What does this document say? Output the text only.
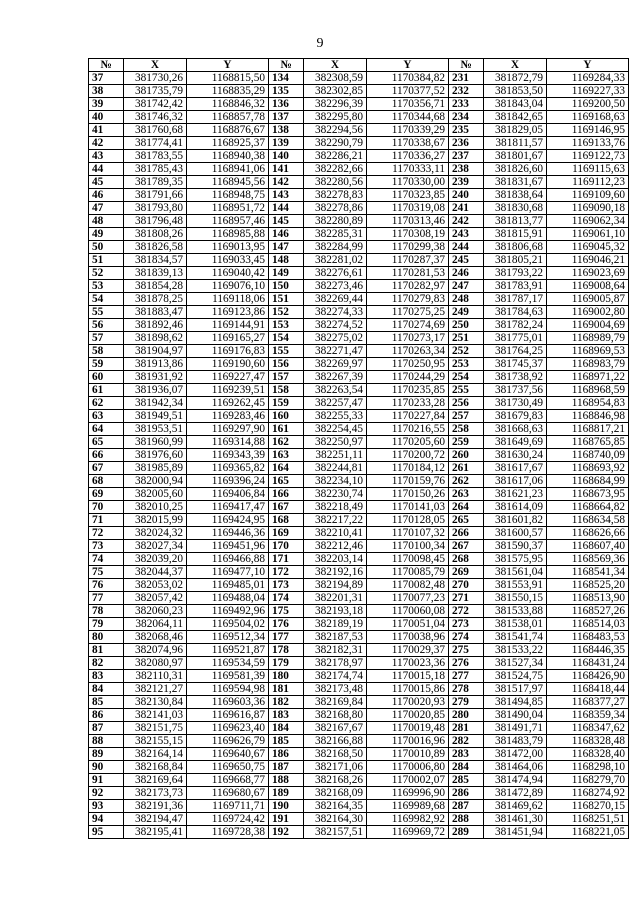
9
№	X	Y	№	X	Y	№	X	Y
37	381730,26	1168815,50	134	382308,59	1170384,82	231	381872,79	1169284,33
38	381735,79	1168835,29	135	382302,85	1170377,52	232	381853,50	1169227,33
39	381742,42	1168846,32	136	382296,39	1170356,71	233	381843,04	1169200,50
40	381746,32	1168857,78	137	382295,80	1170344,68	234	381842,65	1169168,63
41	381760,68	1168876,67	138	382294,56	1170339,29	235	381829,05	1169146,95
42	381774,41	1168925,37	139	382290,79	1170338,67	236	381811,57	1169133,76
43	381783,55	1168940,38	140	382286,21	1170336,27	237	381801,67	1169122,73
44	381785,43	1168941,06	141	382282,66	1170333,11	238	381826,60	1169115,63
45	381789,35	1168945,56	142	382280,56	1170330,00	239	381831,67	1169112,23
46	381791,66	1168948,75	143	382278,83	1170323,85	240	381838,64	1169109,60
47	381793,80	1168951,72	144	382278,86	1170319,08	241	381830,68	1169090,18
48	381796,48	1168957,46	145	382280,89	1170313,46	242	381813,77	1169062,34
49	381808,26	1168985,88	146	382285,31	1170308,19	243	381815,91	1169061,10
50	381826,58	1169013,95	147	382284,99	1170299,38	244	381806,68	1169045,32
51	381834,57	1169033,45	148	382281,02	1170287,37	245	381805,21	1169046,21
52	381839,13	1169040,42	149	382276,61	1170281,53	246	381793,22	1169023,69
53	381854,28	1169076,10	150	382273,46	1170282,97	247	381783,91	1169008,64
54	381878,25	1169118,06	151	382269,44	1170279,83	248	381787,17	1169005,87
55	381883,47	1169123,86	152	382274,33	1170275,25	249	381784,63	1169002,80
56	381892,46	1169144,91	153	382274,52	1170274,69	250	381782,24	1169004,69
57	381898,62	1169165,27	154	382275,02	1170273,17	251	381775,01	1168989,79
58	381904,97	1169176,83	155	382271,47	1170263,34	252	381764,25	1168969,53
59	381913,86	1169190,60	156	382269,97	1170250,95	253	381745,37	1168983,79
60	381931,92	1169227,47	157	382267,39	1170244,29	254	381738,92	1168971,22
61	381936,07	1169239,51	158	382263,54	1170235,85	255	381737,56	1168968,59
62	381942,34	1169262,45	159	382257,47	1170233,28	256	381730,49	1168954,83
63	381949,51	1169283,46	160	382255,33	1170227,84	257	381679,83	1168846,98
64	381953,51	1169297,90	161	382254,45	1170216,55	258	381668,63	1168817,21
65	381960,99	1169314,88	162	382250,97	1170205,60	259	381649,69	1168765,85
66	381976,60	1169343,39	163	382251,11	1170200,72	260	381630,24	1168740,09
67	381985,89	1169365,82	164	382244,81	1170184,12	261	381617,67	1168693,92
68	382000,94	1169396,24	165	382234,10	1170159,76	262	381617,06	1168684,99
69	382005,60	1169406,84	166	382230,74	1170150,26	263	381621,23	1168673,95
70	382010,25	1169417,47	167	382218,49	1170141,03	264	381614,09	1168664,82
71	382015,99	1169424,95	168	382217,22	1170128,05	265	381601,82	1168634,58
72	382024,32	1169446,36	169	382210,41	1170107,32	266	381600,57	1168626,66
73	382027,34	1169451,96	170	382212,46	1170100,34	267	381590,37	1168607,40
74	382039,20	1169466,88	171	382203,14	1170098,45	268	381575,95	1168569,36
75	382044,37	1169477,10	172	382192,16	1170085,79	269	381561,04	1168541,34
76	382053,02	1169485,01	173	382194,89	1170082,48	270	381553,91	1168525,20
77	382057,42	1169488,04	174	382201,31	1170077,23	271	381550,15	1168513,90
78	382060,23	1169492,96	175	382193,18	1170060,08	272	381533,88	1168527,26
79	382064,11	1169504,02	176	382189,19	1170051,04	273	381538,01	1168514,03
80	382068,46	1169512,34	177	382187,53	1170038,96	274	381541,74	1168483,53
81	382074,96	1169521,87	178	382182,31	1170029,37	275	381533,22	1168446,35
82	382080,97	1169534,59	179	382178,97	1170023,36	276	381527,34	1168431,24
83	382110,31	1169581,39	180	382174,74	1170015,18	277	381524,75	1168426,90
84	382121,27	1169594,98	181	382173,48	1170015,86	278	381517,97	1168418,44
85	382130,84	1169603,36	182	382169,84	1170020,93	279	381494,85	1168377,27
86	382141,03	1169616,87	183	382168,80	1170020,85	280	381490,04	1168359,34
87	382151,75	1169623,40	184	382167,67	1170019,48	281	381491,71	1168347,62
88	382155,15	1169626,79	185	382166,88	1170016,96	282	381483,79	1168328,48
89	382164,14	1169640,67	186	382168,50	1170010,89	283	381472,00	1168328,40
90	382168,84	1169650,75	187	382171,06	1170006,80	284	381464,06	1168298,10
91	382169,64	1169668,77	188	382168,26	1170002,07	285	381474,94	1168279,70
92	382173,73	1169680,67	189	382168,09	1169996,90	286	381472,89	1168274,92
93	382191,36	1169711,71	190	382164,35	1169989,68	287	381469,62	1168270,15
94	382194,47	1169724,42	191	382164,30	1169982,92	288	381461,30	1168251,51
95	382195,41	1169728,38	192	382157,51	1169969,72	289	381451,94	1168221,05
